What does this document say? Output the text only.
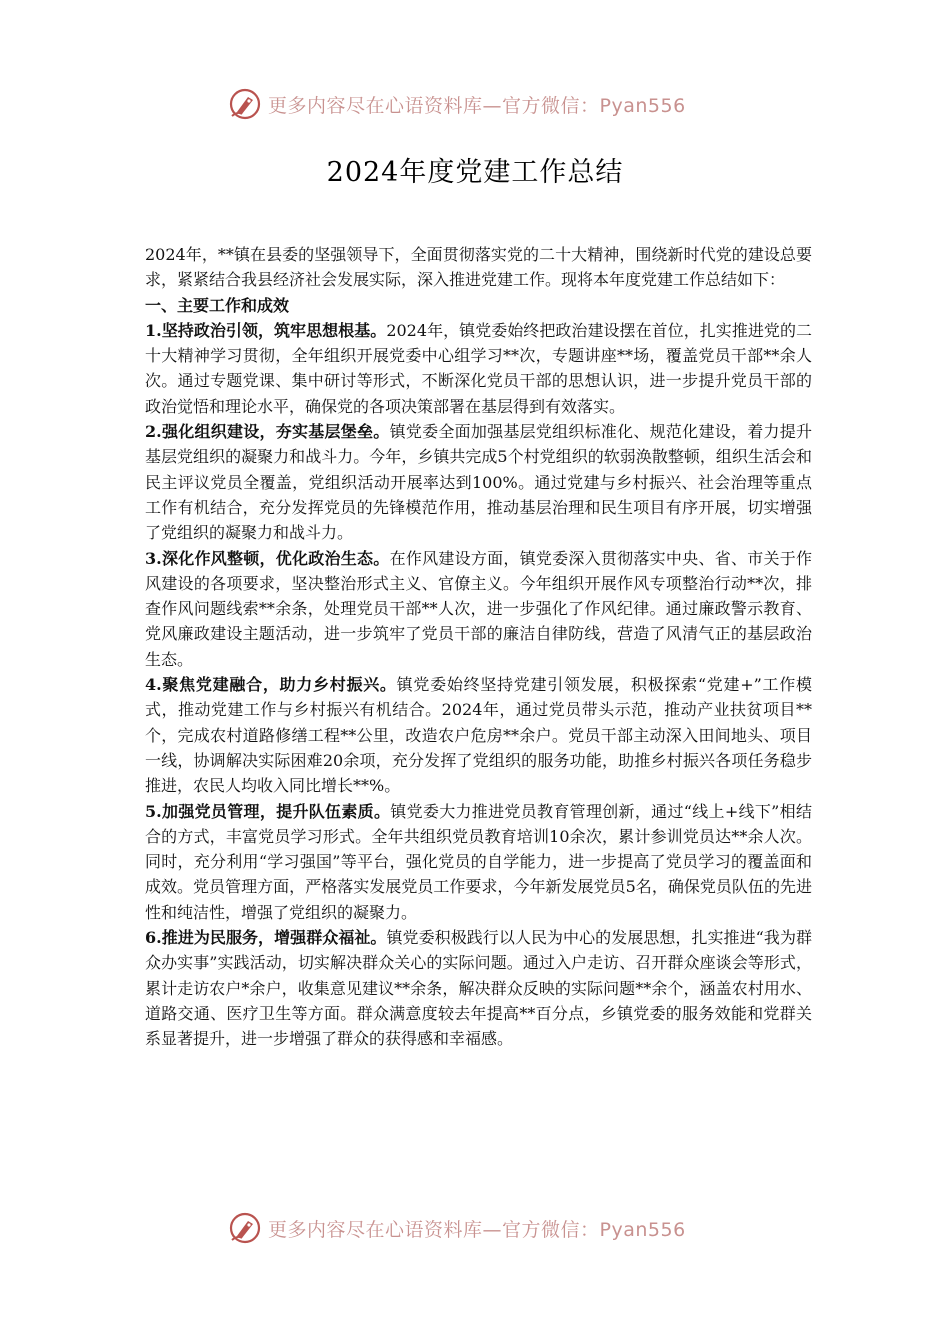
更多内容尽在心语资料库—官方微信：Pyan556
2024年度党建工作总结

2024年，**镇在县委的坚强领导下，全面贯彻落实党的二十大精神，围绕新时代党的建设总要求，紧紧结合我县经济社会发展实际，深入推进党建工作。现将本年度党建工作总结如下：

一、主要工作和成效

1.坚持政治引领，筑牢思想根基。2024年，镇党委始终把政治建设摆在首位，扎实推进党的二十大精神学习贯彻，全年组织开展党委中心组学习**次，专题讲座**场，覆盖党员干部**余人次。通过专题党课、集中研讨等形式，不断深化党员干部的思想认识，进一步提升党员干部的政治觉悟和理论水平，确保党的各项决策部署在基层得到有效落实。

2.强化组织建设，夯实基层堡垒。镇党委全面加强基层党组织标准化、规范化建设，着力提升基层党组织的凝聚力和战斗力。今年，乡镇共完成5个村党组织的软弱涣散整顿，组织生活会和民主评议党员全覆盖，党组织活动开展率达到100%。通过党建与乡村振兴、社会治理等重点工作有机结合，充分发挥党员的先锋模范作用，推动基层治理和民生项目有序开展，切实增强了党组织的凝聚力和战斗力。

3.深化作风整顿，优化政治生态。在作风建设方面，镇党委深入贯彻落实中央、省、市关于作风建设的各项要求，坚决整治形式主义、官僚主义。今年组织开展作风专项整治行动**次，排查作风问题线索**余条，处理党员干部**人次，进一步强化了作风纪律。通过廉政警示教育、党风廉政建设主题活动，进一步筑牢了党员干部的廉洁自律防线，营造了风清气正的基层政治生态。

4.聚焦党建融合，助力乡村振兴。镇党委始终坚持党建引领发展，积极探索“党建+”工作模式，推动党建工作与乡村振兴有机结合。2024年，通过党员带头示范，推动产业扶贫项目**个，完成农村道路修缮工程**公里，改造农户危房**余户。党员干部主动深入田间地头、项目一线，协调解决实际困难20余项，充分发挥了党组织的服务功能，助推乡村振兴各项任务稳步推进，农民人均收入同比增长**%。

5.加强党员管理，提升队伍素质。镇党委大力推进党员教育管理创新，通过“线上+线下”相结合的方式，丰富党员学习形式。全年共组织党员教育培训10余次，累计参训党员达**余人次。同时，充分利用“学习强国”等平台，强化党员的自学能力，进一步提高了党员学习的覆盖面和成效。党员管理方面，严格落实发展党员工作要求，今年新发展党员5名，确保党员队伍的先进性和纯洁性，增强了党组织的凝聚力。

6.推进为民服务，增强群众福祉。镇党委积极践行以人民为中心的发展思想，扎实推进“我为群众办实事”实践活动，切实解决群众关心的实际问题。通过入户走访、召开群众座谈会等形式，累计走访农户*余户，收集意见建议**余条，解决群众反映的实际问题**余个，涵盖农村用水、道路交通、医疗卫生等方面。群众满意度较去年提高**百分点，乡镇党委的服务效能和党群关系显著提升，进一步增强了群众的获得感和幸福感。

更多内容尽在心语资料库—官方微信：Pyan556
